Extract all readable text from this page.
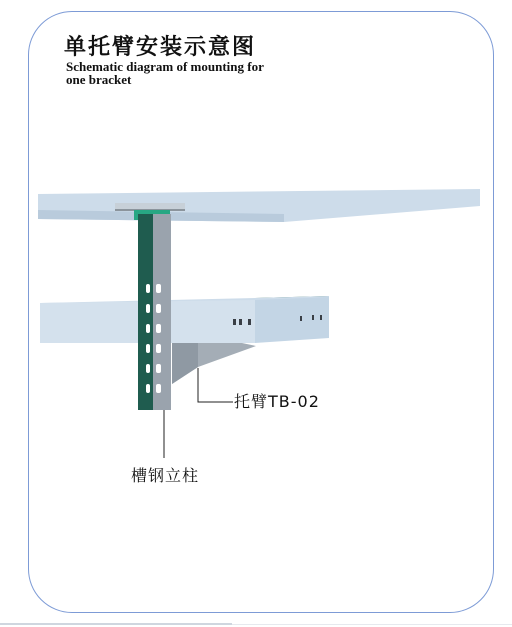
单托臂安装示意图

Schematic diagram of mounting for
one bracket

托臂TB-02
槽钢立柱
